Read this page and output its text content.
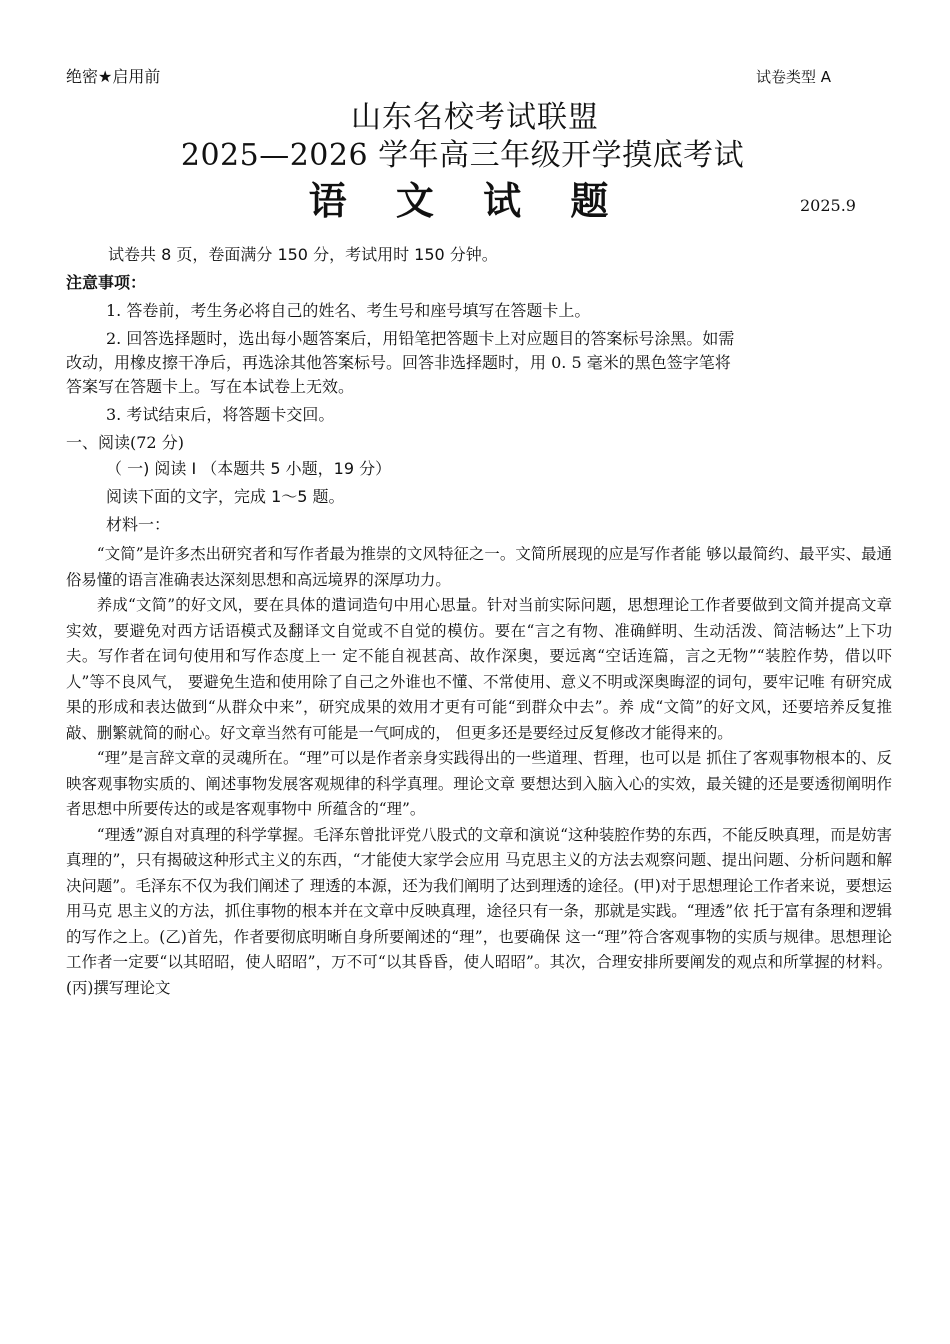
绝密★启用前	试卷类型 A
山东名校考试联盟
2025—2026 学年高三年级开学摸底考试
语 文 试 题	2025.9
试卷共 8 页，卷面满分 150 分，考试用时 150 分钟。
注意事项：
1. 答卷前，考生务必将自己的姓名、考生号和座号填写在答题卡上。
2. 回答选择题时，选出每小题答案后，用铅笔把答题卡上对应题目的答案标号涂黑。如需
改动，用橡皮擦干净后，再选涂其他答案标号。回答非选择题时，用 0. 5 毫米的黑色签字笔将
答案写在答题卡上。写在本试卷上无效。
3. 考试结束后，将答题卡交回。
一、阅读(72 分)
（ 一) 阅读 I （本题共 5 小题，19 分）
阅读下面的文字，完成 1～5 题。
材料一：

“文简”是许多杰出研究者和写作者最为推崇的文风特征之一。文简所展现的应是写作者能 够以最简约、最平实、最通俗易懂的语言准确表达深刻思想和高远境界的深厚功力。

养成“文简”的好文风，要在具体的遣词造句中用心思量。针对当前实际问题，思想理论工作者要做到文简并提高文章实效，要避免对西方话语模式及翻译文自觉或不自觉的模仿。要在“言之有物、准确鲜明、生动活泼、简洁畅达”上下功夫。写作者在词句使用和写作态度上一 定不能自视甚高、故作深奥，要远离“空话连篇，言之无物”“装腔作势，借以吓人”等不良风气， 要避免生造和使用除了自己之外谁也不懂、不常使用、意义不明或深奥晦涩的词句，要牢记唯 有研究成果的形成和表达做到“从群众中来”，研究成果的效用才更有可能“到群众中去”。养 成“文简”的好文风，还要培养反复推敲、删繁就简的耐心。好文章当然有可能是一气呵成的， 但更多还是要经过反复修改才能得来的。

“理”是言辞文章的灵魂所在。“理”可以是作者亲身实践得出的一些道理、哲理，也可以是 抓住了客观事物根本的、反映客观事物实质的、阐述事物发展客观规律的科学真理。理论文章 要想达到入脑入心的实效，最关键的还是要透彻阐明作者思想中所要传达的或是客观事物中 所蕴含的“理”。

“理透”源自对真理的科学掌握。毛泽东曾批评党八股式的文章和演说“这种装腔作势的东西，不能反映真理，而是妨害真理的”，只有揭破这种形式主义的东西，“才能使大家学会应用 马克思主义的方法去观察问题、提出问题、分析问题和解决问题”。毛泽东不仅为我们阐述了 理透的本源，还为我们阐明了达到理透的途径。(甲)对于思想理论工作者来说，要想运用马克 思主义的方法，抓住事物的根本并在文章中反映真理，途径只有一条，那就是实践。“理透”依 托于富有条理和逻辑的写作之上。(乙)首先，作者要彻底明晰自身所要阐述的“理”，也要确保 这一“理”符合客观事物的实质与规律。思想理论工作者一定要“以其昭昭，使人昭昭”，万不可“以其昏昏，使人昭昭”。其次，合理安排所要阐发的观点和所掌握的材料。(丙)撰写理论文
